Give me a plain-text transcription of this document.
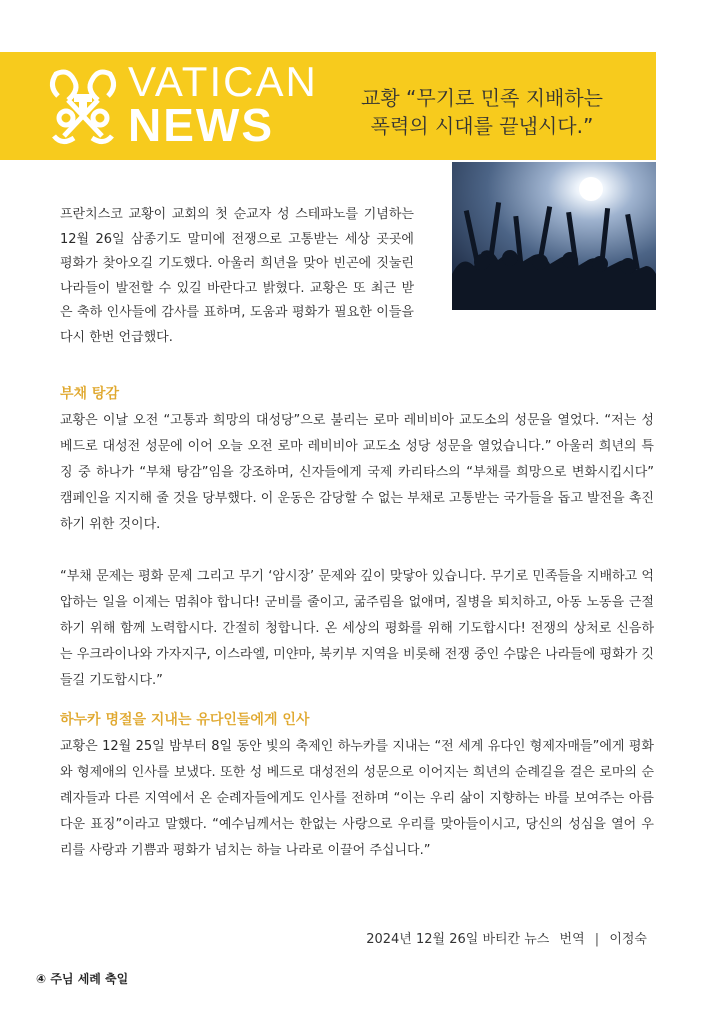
VATICAN
NEWS
교황 “무기로 민족 지배하는
폭력의 시대를 끝냅시다.”

프란치스코 교황이 교회의 첫 순교자 성 스테파노를 기념하는 12월 26일 삼종기도 말미에 전쟁으로 고통받는 세상 곳곳에 평화가 찾아오길 기도했다. 아울러 희년을 맞아 빈곤에 짓눌린 나라들이 발전할 수 있길 바란다고 밝혔다. 교황은 또 최근 받은 축하 인사들에 감사를 표하며, 도움과 평화가 필요한 이들을 다시 한번 언급했다.

부채 탕감

교황은 이날 오전 “고통과 희망의 대성당”으로 불리는 로마 레비비아 교도소의 성문을 열었다. “저는 성 베드로 대성전 성문에 이어 오늘 오전 로마 레비비아 교도소 성당 성문을 열었습니다.” 아울러 희년의 특징 중 하나가 “부채 탕감”임을 강조하며, 신자들에게 국제 카리타스의 “부채를 희망으로 변화시킵시다” 캠페인을 지지해 줄 것을 당부했다. 이 운동은 감당할 수 없는 부채로 고통받는 국가들을 돕고 발전을 촉진하기 위한 것이다.

“부채 문제는 평화 문제 그리고 무기 ‘암시장’ 문제와 깊이 맞닿아 있습니다. 무기로 민족들을 지배하고 억압하는 일을 이제는 멈춰야 합니다! 군비를 줄이고, 굶주림을 없애며, 질병을 퇴치하고, 아동 노동을 근절하기 위해 함께 노력합시다. 간절히 청합니다. 온 세상의 평화를 위해 기도합시다! 전쟁의 상처로 신음하는 우크라이나와 가자지구, 이스라엘, 미얀마, 북키부 지역을 비롯해 전쟁 중인 수많은 나라들에 평화가 깃들길 기도합시다.”

하누카 명절을 지내는 유다인들에게 인사

교황은 12월 25일 밤부터 8일 동안 빛의 축제인 하누카를 지내는 “전 세계 유다인 형제자매들”에게 평화와 형제애의 인사를 보냈다. 또한 성 베드로 대성전의 성문으로 이어지는 희년의 순례길을 걸은 로마의 순례자들과 다른 지역에서 온 순례자들에게도 인사를 전하며 “이는 우리 삶이 지향하는 바를 보여주는 아름다운 표징”이라고 말했다. “예수님께서는 한없는 사랑으로 우리를 맞아들이시고, 당신의 성심을 열어 우리를 사랑과 기쁨과 평화가 넘치는 하늘 나라로 이끌어 주십니다.”

2024년 12월 26일 바티칸 뉴스 번역 | 이정숙
④ 주님 세례 축일
